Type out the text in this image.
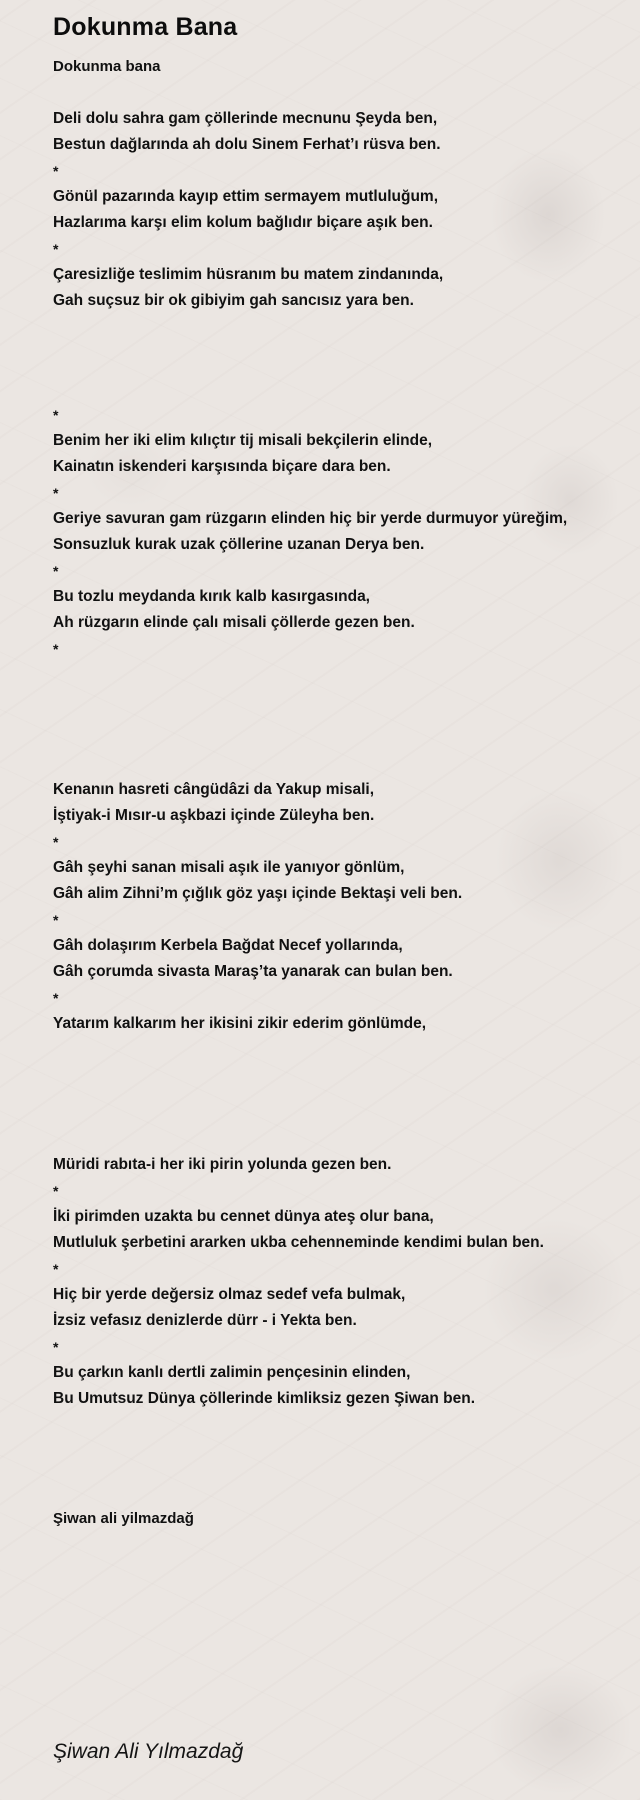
Dokunma Bana

Dokunma bana

Deli dolu sahra gam çöllerinde mecnunu Şeyda ben,
Bestun dağlarında ah dolu Sinem Ferhat’ı rüsva ben.
*
Gönül pazarında kayıp ettim sermayem mutluluğum,
Hazlarıma karşı elim kolum bağlıdır biçare aşık ben.
*
Çaresizliğe teslimim hüsranım bu matem zindanında,
Gah suçsuz bir ok gibiyim gah sancısız yara ben.
*
Benim her iki elim kılıçtır tij misali bekçilerin elinde,
Kainatın iskenderi karşısında biçare dara ben.
*
Geriye savuran gam rüzgarın elinden hiç bir yerde durmuyor yüreğim,
Sonsuzluk kurak uzak çöllerine uzanan Derya ben.
*
Bu tozlu meydanda kırık kalb kasırgasında,
Ah rüzgarın elinde çalı misali çöllerde gezen ben.
*
Kenanın hasreti cângüdâzi da Yakup misali,
İştiyak-i Mısır-u aşkbazi içinde Züleyha ben.
*
Gâh şeyhi sanan misali aşık ile yanıyor gönlüm,
Gâh alim Zihni’m çığlık göz yaşı içinde Bektaşi veli ben.
*
Gâh dolaşırım Kerbela Bağdat Necef yollarında,
Gâh çorumda sivasta Maraş’ta yanarak can bulan ben.
*
Yatarım kalkarım her ikisini zikir ederim gönlümde,
Müridi rabıta-i her iki pirin yolunda gezen ben.
*
İki pirimden uzakta bu cennet dünya ateş olur bana,
Mutluluk şerbetini ararken ukba cehenneminde kendimi bulan ben.
*
Hiç bir yerde değersiz olmaz sedef vefa bulmak,
İzsiz vefasız denizlerde dürr - i Yekta ben.
*
Bu çarkın kanlı dertli zalimin pençesinin elinden,
Bu Umutsuz Dünya çöllerinde kimliksiz gezen Şiwan ben.

Şiwan ali yilmazdağ

Şiwan Ali Yılmazdağ
